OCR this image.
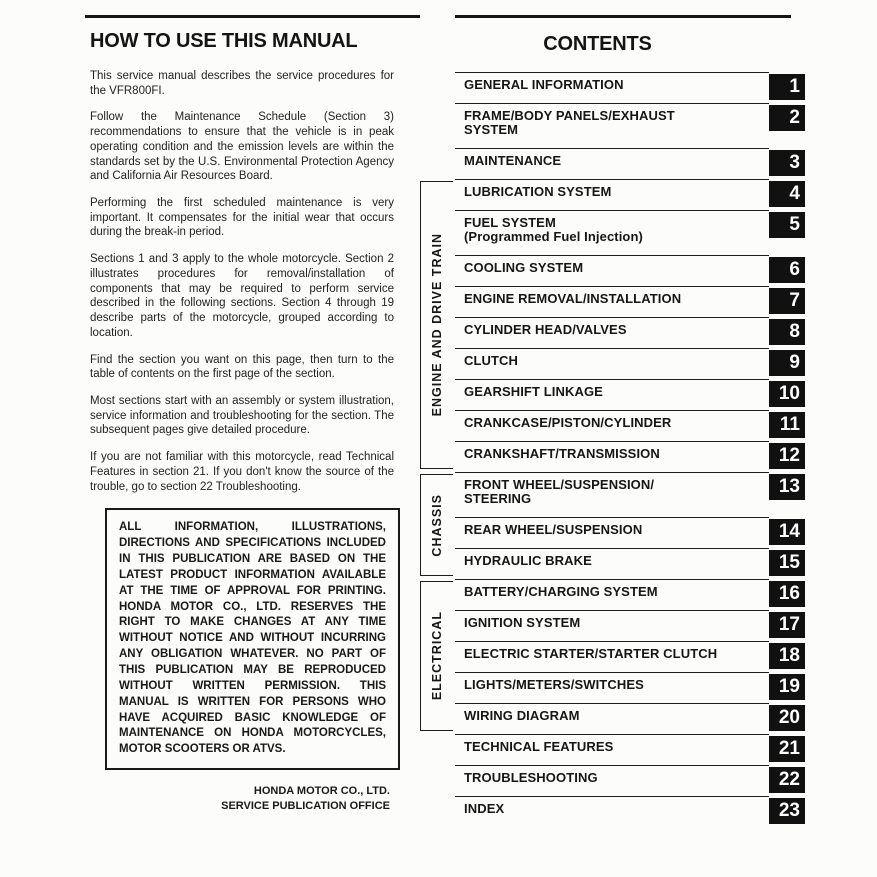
HOW TO USE THIS MANUAL

This service manual describes the service procedures for the VFR800FI.

Follow the Maintenance Schedule (Section 3) recommendations to ensure that the vehicle is in peak operating condition and the emission levels are within the standards set by the U.S. Environmental Protection Agency and California Air Resources Board.

Performing the first scheduled maintenance is very important. It compensates for the initial wear that occurs during the break-in period.

Sections 1 and 3 apply to the whole motorcycle. Section 2 illustrates procedures for removal/installation of components that may be required to perform service described in the following sections. Section 4 through 19 describe parts of the motorcycle, grouped according to location.

Find the section you want on this page, then turn to the table of contents on the first page of the section.

Most sections start with an assembly or system illustration, service information and troubleshooting for the section. The subsequent pages give detailed procedure.

If you are not familiar with this motorcycle, read Technical Features in section 21. If you don't know the source of the trouble, go to section 22 Troubleshooting.

ALL INFORMATION, ILLUSTRATIONS, DIRECTIONS AND SPECIFICATIONS INCLUDED IN THIS PUBLICATION ARE BASED ON THE LATEST PRODUCT INFORMATION AVAILABLE AT THE TIME OF APPROVAL FOR PRINTING. HONDA MOTOR CO., LTD. RESERVES THE RIGHT TO MAKE CHANGES AT ANY TIME WITHOUT NOTICE AND WITHOUT INCURRING ANY OBLIGATION WHATEVER. NO PART OF THIS PUBLICATION MAY BE REPRODUCED WITHOUT WRITTEN PERMISSION. THIS MANUAL IS WRITTEN FOR PERSONS WHO HAVE ACQUIRED BASIC KNOWLEDGE OF MAINTENANCE ON HONDA MOTORCYCLES, MOTOR SCOOTERS OR ATVS.
HONDA MOTOR CO., LTD.
SERVICE PUBLICATION OFFICE
CONTENTS
GENERAL INFORMATION	1
FRAME/BODY PANELS/EXHAUST
SYSTEM
2
MAINTENANCE	3
ENGINE AND DRIVE TRAIN
LUBRICATION SYSTEM	4
FUEL SYSTEM
(Programmed Fuel Injection)
5
COOLING SYSTEM	6
ENGINE REMOVAL/INSTALLATION	7
CYLINDER HEAD/VALVES	8
CLUTCH	9
GEARSHIFT LINKAGE	10
CRANKCASE/PISTON/CYLINDER	11
CRANKSHAFT/TRANSMISSION	12
CHASSIS
FRONT WHEEL/SUSPENSION/
STEERING
13
REAR WHEEL/SUSPENSION	14
HYDRAULIC BRAKE	15
ELECTRICAL
BATTERY/CHARGING SYSTEM	16
IGNITION SYSTEM	17
ELECTRIC STARTER/STARTER CLUTCH	18
LIGHTS/METERS/SWITCHES	19
WIRING DIAGRAM	20
TECHNICAL FEATURES	21
TROUBLESHOOTING	22
INDEX	23
